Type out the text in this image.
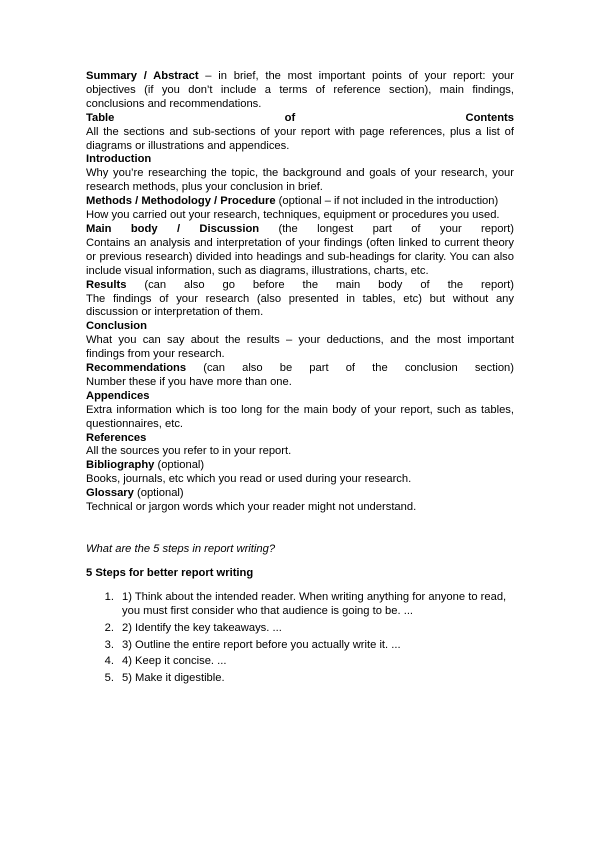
Summary / Abstract – in brief, the most important points of your report: your objectives (if you don’t include a terms of reference section), main findings, conclusions and recommendations.

Table	of	Contents

All the sections and sub-sections of your report with page references, plus a list of diagrams or illustrations and appendices.

Introduction

Why you’re researching the topic, the background and goals of your research, your research methods, plus your conclusion in brief.

Methods / Methodology / Procedure (optional – if not included in the introduction)

How you carried out your research, techniques, equipment or procedures you used.

Main body / Discussion (the longest part of your report)

Contains an analysis and interpretation of your findings (often linked to current theory or previous research) divided into headings and sub-headings for clarity. You can also include visual information, such as diagrams, illustrations, charts, etc.

Results (can also go before the main body of the report)

The findings of your research (also presented in tables, etc) but without any discussion or interpretation of them.

Conclusion

What you can say about the results – your deductions, and the most important findings from your research.

Recommendations (can also be part of the conclusion section)

Number these if you have more than one.

Appendices

Extra information which is too long for the main body of your report, such as tables, questionnaires, etc.

References

All the sources you refer to in your report.

Bibliography (optional)

Books, journals, etc which you read or used during your research.

Glossary (optional)

Technical or jargon words which your reader might not understand.

What are the 5 steps in report writing?

5 Steps for better report writing

1. 1) Think about the intended reader. When writing anything for anyone to read, you must first consider who that audience is going to be. ...
2. 2) Identify the key takeaways. ...
3. 3) Outline the entire report before you actually write it. ...
4. 4) Keep it concise. ...
5. 5) Make it digestible.
